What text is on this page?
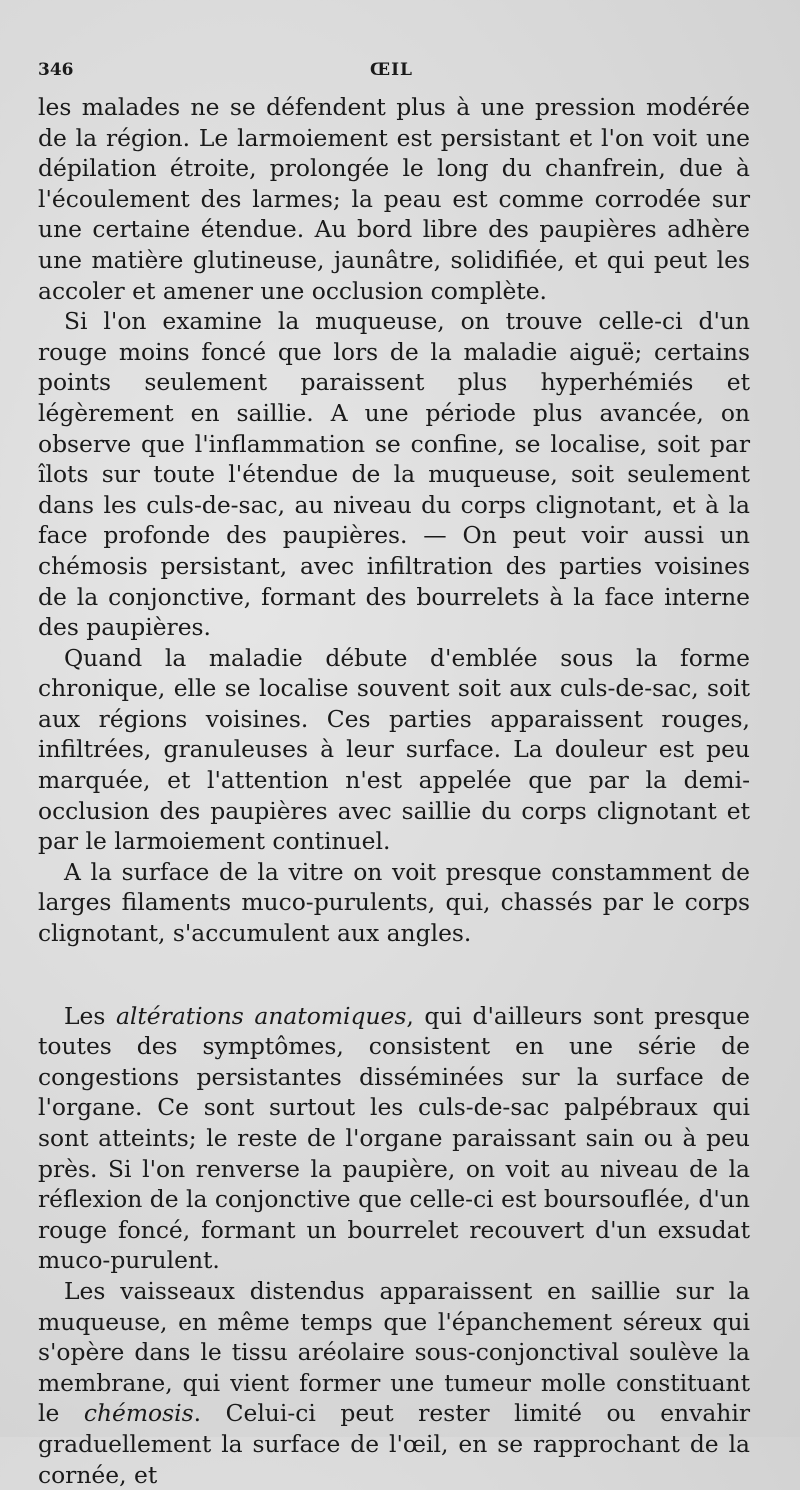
346	ŒIL

les malades ne se défendent plus à une pression modérée de la région. Le larmoiement est persistant et l'on voit une dépilation étroite, prolongée le long du chanfrein, due à l'écoulement des larmes; la peau est comme corrodée sur une certaine étendue. Au bord libre des paupières adhère une matière glutineuse, jaunâtre, solidifiée, et qui peut les accoler et amener une occlusion complète.

Si l'on examine la muqueuse, on trouve celle-ci d'un rouge moins foncé que lors de la maladie aiguë; certains points seulement paraissent plus hyperhémiés et légèrement en saillie. A une période plus avancée, on observe que l'inflammation se confine, se localise, soit par îlots sur toute l'étendue de la muqueuse, soit seulement dans les culs-de-sac, au niveau du corps clignotant, et à la face profonde des paupières. — On peut voir aussi un chémosis persistant, avec infiltration des parties voisines de la conjonctive, formant des bourrelets à la face interne des paupières.

Quand la maladie débute d'emblée sous la forme chronique, elle se localise souvent soit aux culs-de-sac, soit aux régions voisines. Ces parties apparaissent rouges, infiltrées, granuleuses à leur surface. La douleur est peu marquée, et l'attention n'est appelée que par la demi-occlusion des paupières avec saillie du corps clignotant et par le larmoiement continuel.

A la surface de la vitre on voit presque constamment de larges filaments muco-purulents, qui, chassés par le corps clignotant, s'accumulent aux angles.

Les altérations anatomiques, qui d'ailleurs sont presque toutes des symptômes, consistent en une série de congestions persistantes disséminées sur la surface de l'organe. Ce sont surtout les culs-de-sac palpébraux qui sont atteints; le reste de l'organe paraissant sain ou à peu près. Si l'on renverse la paupière, on voit au niveau de la réflexion de la conjonctive que celle-ci est boursouflée, d'un rouge foncé, formant un bourrelet recouvert d'un exsudat muco-purulent.

Les vaisseaux distendus apparaissent en saillie sur la muqueuse, en même temps que l'épanchement séreux qui s'opère dans le tissu aréolaire sous-conjonctival soulève la membrane, qui vient former une tumeur molle constituant le chémosis. Celui-ci peut rester limité ou envahir graduellement la surface de l'œil, en se rapprochant de la cornée, et
